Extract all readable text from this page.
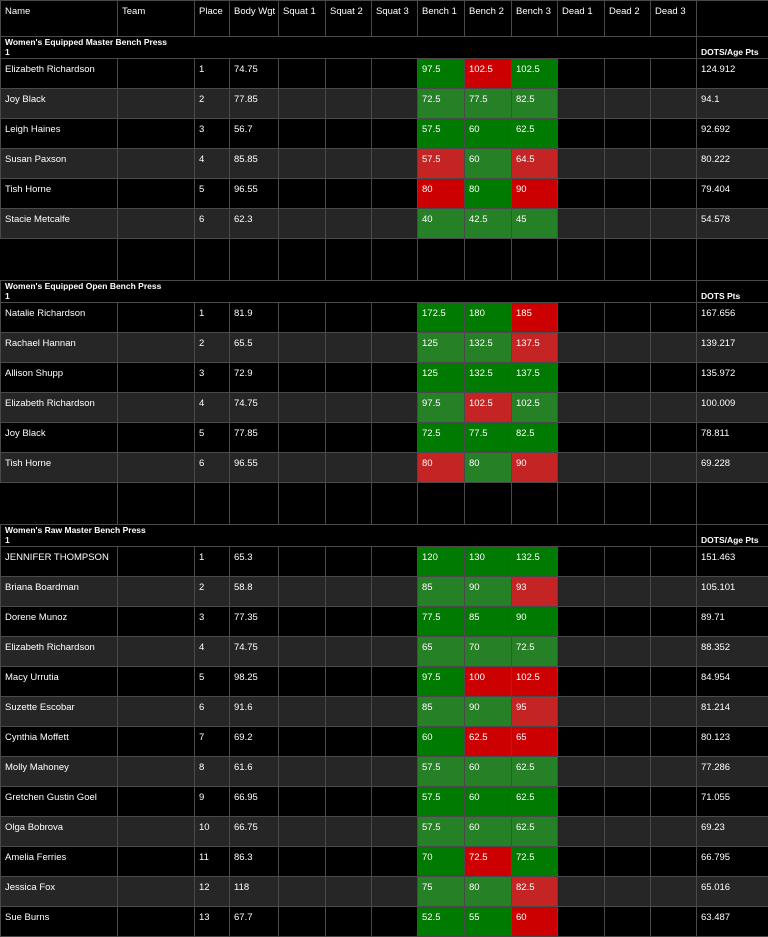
Name	Team	Place	Body Wgt	Squat 1	Squat 2	Squat 3	Bench 1	Bench 2	Bench 3	Dead 1	Dead 2	Dead 3	

Women's Equipped Master Bench Press
1													DOTS/Age Pts
Elizabeth Richardson		1	74.75				97.5	102.5	102.5				124.912
Joy Black		2	77.85				72.5	77.5	82.5				94.1
Leigh Haines		3	56.7				57.5	60	62.5				92.692
Susan Paxson		4	85.85				57.5	60	64.5				80.222
Tish Horne		5	96.55				80	80	90				79.404
Stacie Metcalfe		6	62.3				40	42.5	45				54.578

Women's Equipped Open Bench Press
1													DOTS Pts
Natalie Richardson		1	81.9				172.5	180	185				167.656
Rachael Hannan		2	65.5				125	132.5	137.5				139.217
Allison Shupp		3	72.9				125	132.5	137.5				135.972
Elizabeth Richardson		4	74.75				97.5	102.5	102.5				100.009
Joy Black		5	77.85				72.5	77.5	82.5				78.811
Tish Horne		6	96.55				80	80	90				69.228

Women's Raw Master Bench Press
1													DOTS/Age Pts
JENNIFER THOMPSON		1	65.3				120	130	132.5				151.463
Briana Boardman		2	58.8				85	90	93				105.101
Dorene Munoz		3	77.35				77.5	85	90				89.71
Elizabeth Richardson		4	74.75				65	70	72.5				88.352
Macy Urrutia		5	98.25				97.5	100	102.5				84.954
Suzette Escobar		6	91.6				85	90	95				81.214
Cynthia Moffett		7	69.2				60	62.5	65				80.123
Molly Mahoney		8	61.6				57.5	60	62.5				77.286
Gretchen Gustin Goel		9	66.95				57.5	60	62.5				71.055
Olga Bobrova		10	66.75				57.5	60	62.5				69.23
Amelia Ferries		11	86.3				70	72.5	72.5				66.795
Jessica Fox		12	118				75	80	82.5				65.016
Sue Burns		13	67.7				52.5	55	60				63.487
